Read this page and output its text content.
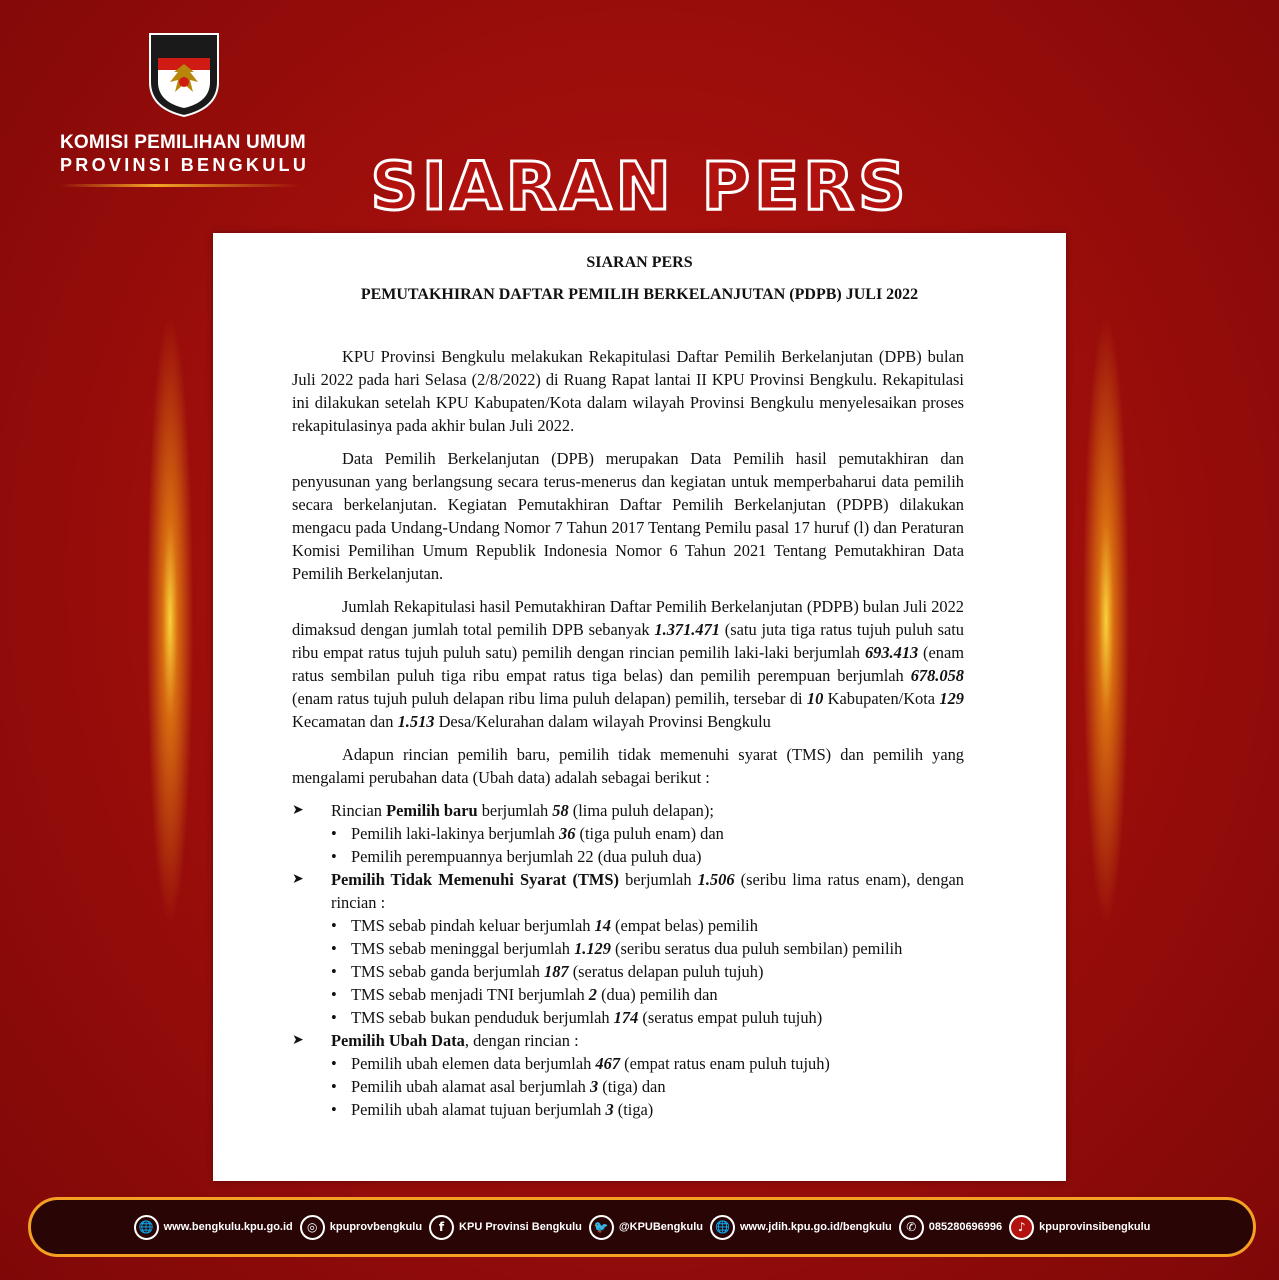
KOMISI PEMILIHAN UMUM
PROVINSI BENGKULU SIARAN PERS
SIARAN PERS
PEMUTAKHIRAN DAFTAR PEMILIH BERKELANJUTAN (PDPB) JULI 2022

KPU Provinsi Bengkulu melakukan Rekapitulasi Daftar Pemilih Berkelanjutan (DPB) bulan Juli 2022 pada hari Selasa (2/8/2022) di Ruang Rapat lantai II KPU Provinsi Bengkulu. Rekapitulasi ini dilakukan setelah KPU Kabupaten/Kota dalam wilayah Provinsi Bengkulu menyelesaikan proses rekapitulasinya pada akhir bulan Juli 2022.

Data Pemilih Berkelanjutan (DPB) merupakan Data Pemilih hasil pemutakhiran dan penyusunan yang berlangsung secara terus-menerus dan kegiatan untuk memperbaharui data pemilih secara berkelanjutan. Kegiatan Pemutakhiran Daftar Pemilih Berkelanjutan (PDPB) dilakukan mengacu pada Undang-Undang Nomor 7 Tahun 2017 Tentang Pemilu pasal 17 huruf (l) dan Peraturan Komisi Pemilihan Umum Republik Indonesia Nomor 6 Tahun 2021 Tentang Pemutakhiran Data Pemilih Berkelanjutan.

Jumlah Rekapitulasi hasil Pemutakhiran Daftar Pemilih Berkelanjutan (PDPB) bulan Juli 2022 dimaksud dengan jumlah total pemilih DPB sebanyak 1.371.471 (satu juta tiga ratus tujuh puluh satu ribu empat ratus tujuh puluh satu) pemilih dengan rincian pemilih laki-laki berjumlah 693.413 (enam ratus sembilan puluh tiga ribu empat ratus tiga belas) dan pemilih perempuan berjumlah 678.058 (enam ratus tujuh puluh delapan ribu lima puluh delapan) pemilih, tersebar di 10 Kabupaten/Kota 129 Kecamatan dan 1.513 Desa/Kelurahan dalam wilayah Provinsi Bengkulu

Adapun rincian pemilih baru, pemilih tidak memenuhi syarat (TMS) dan pemilih yang mengalami perubahan data (Ubah data) adalah sebagai berikut :

➤ Rincian Pemilih baru berjumlah 58 (lima puluh delapan);
• Pemilih laki-lakinya berjumlah 36 (tiga puluh enam) dan
• Pemilih perempuannya berjumlah 22 (dua puluh dua)
➤ Pemilih Tidak Memenuhi Syarat (TMS) berjumlah 1.506 (seribu lima ratus enam), dengan rincian :
• TMS sebab pindah keluar berjumlah 14 (empat belas) pemilih
• TMS sebab meninggal berjumlah 1.129 (seribu seratus dua puluh sembilan) pemilih
• TMS sebab ganda berjumlah 187 (seratus delapan puluh tujuh)
• TMS sebab menjadi TNI berjumlah 2 (dua) pemilih dan
• TMS sebab bukan penduduk berjumlah 174 (seratus empat puluh tujuh)
➤ Pemilih Ubah Data, dengan rincian :
• Pemilih ubah elemen data berjumlah 467 (empat ratus enam puluh tujuh)
• Pemilih ubah alamat asal berjumlah 3 (tiga) dan
• Pemilih ubah alamat tujuan berjumlah 3 (tiga)
🌐 www.bengkulu.kpu.go.id	◎	kpuprovbengkulu	f	KPU Provinsi Bengkulu	🐦 @KPUBengkulu	🌐 www.jdih.kpu.go.id/bengkulu	✆	085280696996	♪	kpuprovinsibengkulu
